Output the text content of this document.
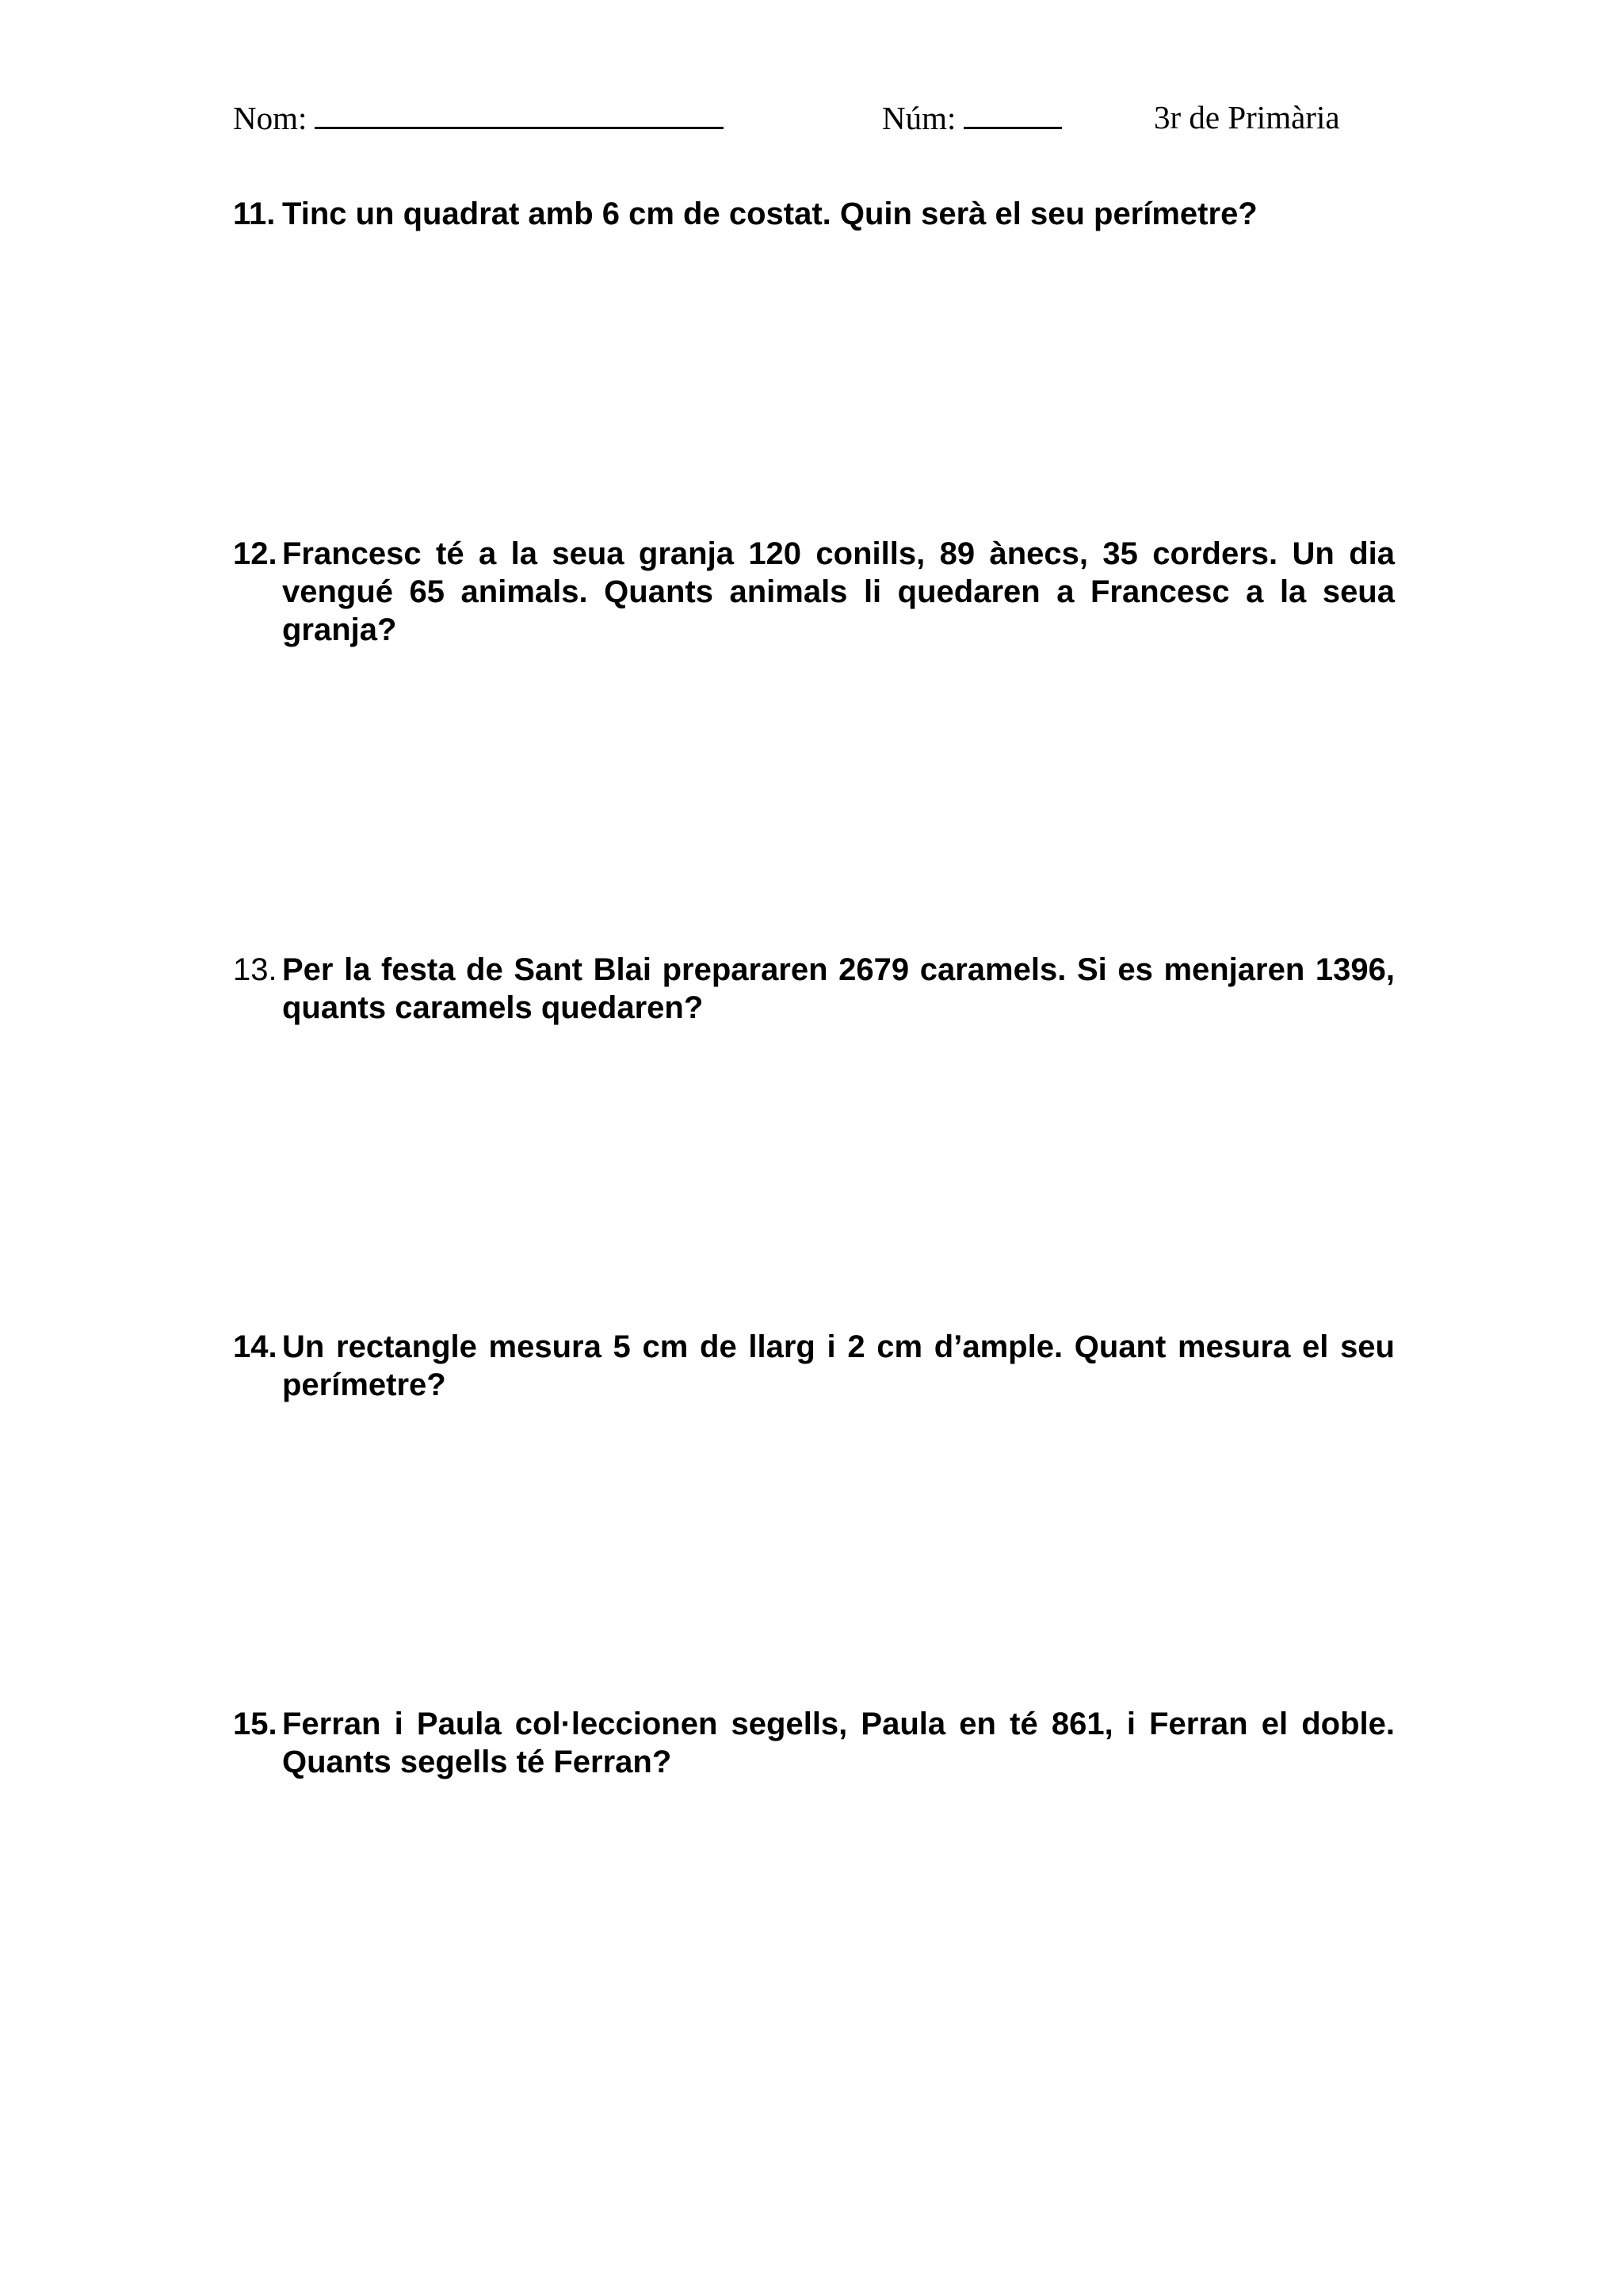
Nom:	Núm:	3r de Primària
11. Tinc un quadrat amb 6 cm de costat. Quin serà el seu perímetre?
12. Francesc té a la seua granja 120 conills, 89 ànecs, 35 corders. Un dia vengué 65 animals. Quants animals li quedaren a Francesc a la seua granja?
13. Per la festa de Sant Blai prepararen 2679 caramels. Si es menjaren 1396, quants caramels quedaren?
14. Un rectangle mesura 5 cm de llarg i 2 cm d’ample. Quant mesura el seu perímetre?
15. Ferran i Paula col·leccionen segells, Paula en té 861, i Ferran el doble. Quants segells té Ferran?
